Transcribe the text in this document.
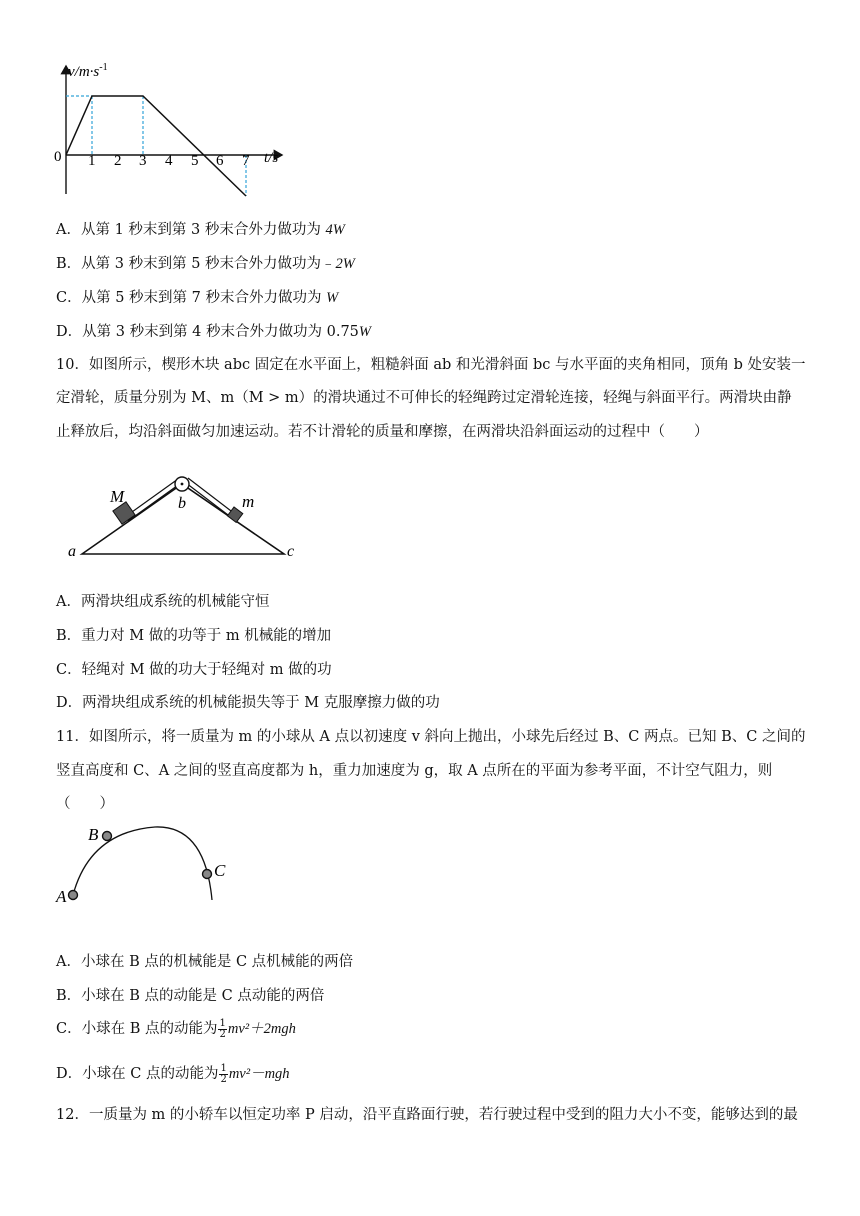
$v/m\cdot s^{-1}$
0 1 2 3 4 5 6 7 t/s
A．从第 1 秒末到第 3 秒末合外力做功为 4W
B．从第 3 秒末到第 5 秒末合外力做功为﹣2W
C．从第 5 秒末到第 7 秒末合外力做功为 W
D．从第 3 秒末到第 4 秒末合外力做功为 0.75W
10．如图所示，楔形木块 abc 固定在水平面上，粗糙斜面 ab 和光滑斜面 bc 与水平面的夹角相同，顶角 b 处安装一
定滑轮，质量分别为 M、m（M > m）的滑块通过不可伸长的轻绳跨过定滑轮连接，轻绳与斜面平行。两滑块由静
止释放后，均沿斜面做匀加速运动。若不计滑轮的质量和摩擦，在两滑块沿斜面运动的过程中（　　）
M	m
b
a	c
A．两滑块组成系统的机械能守恒
B．重力对 M 做的功等于 m 机械能的增加
C．轻绳对 M 做的功大于轻绳对 m 做的功
D．两滑块组成系统的机械能损失等于 M 克服摩擦力做的功
11．如图所示，将一质量为 m 的小球从 A 点以初速度 v 斜向上抛出，小球先后经过 B、C 两点。已知 B、C 之间的
竖直高度和 C、A 之间的竖直高度都为 h，重力加速度为 g，取 A 点所在的平面为参考平面，不计空气阻力，则
（　　）
A
B
C
A．小球在 B 点的机械能是 C 点机械能的两倍
B．小球在 B 点的动能是 C 点动能的两倍
C．小球在 B 点的动能为 $\frac{1}{2} mv^2+2mgh$
D．小球在 C 点的动能为 $\frac{1}{2} mv^2-mgh$
12．一质量为 m 的小轿车以恒定功率 P 启动，沿平直路面行驶，若行驶过程中受到的阻力大小不变，能够达到的最
